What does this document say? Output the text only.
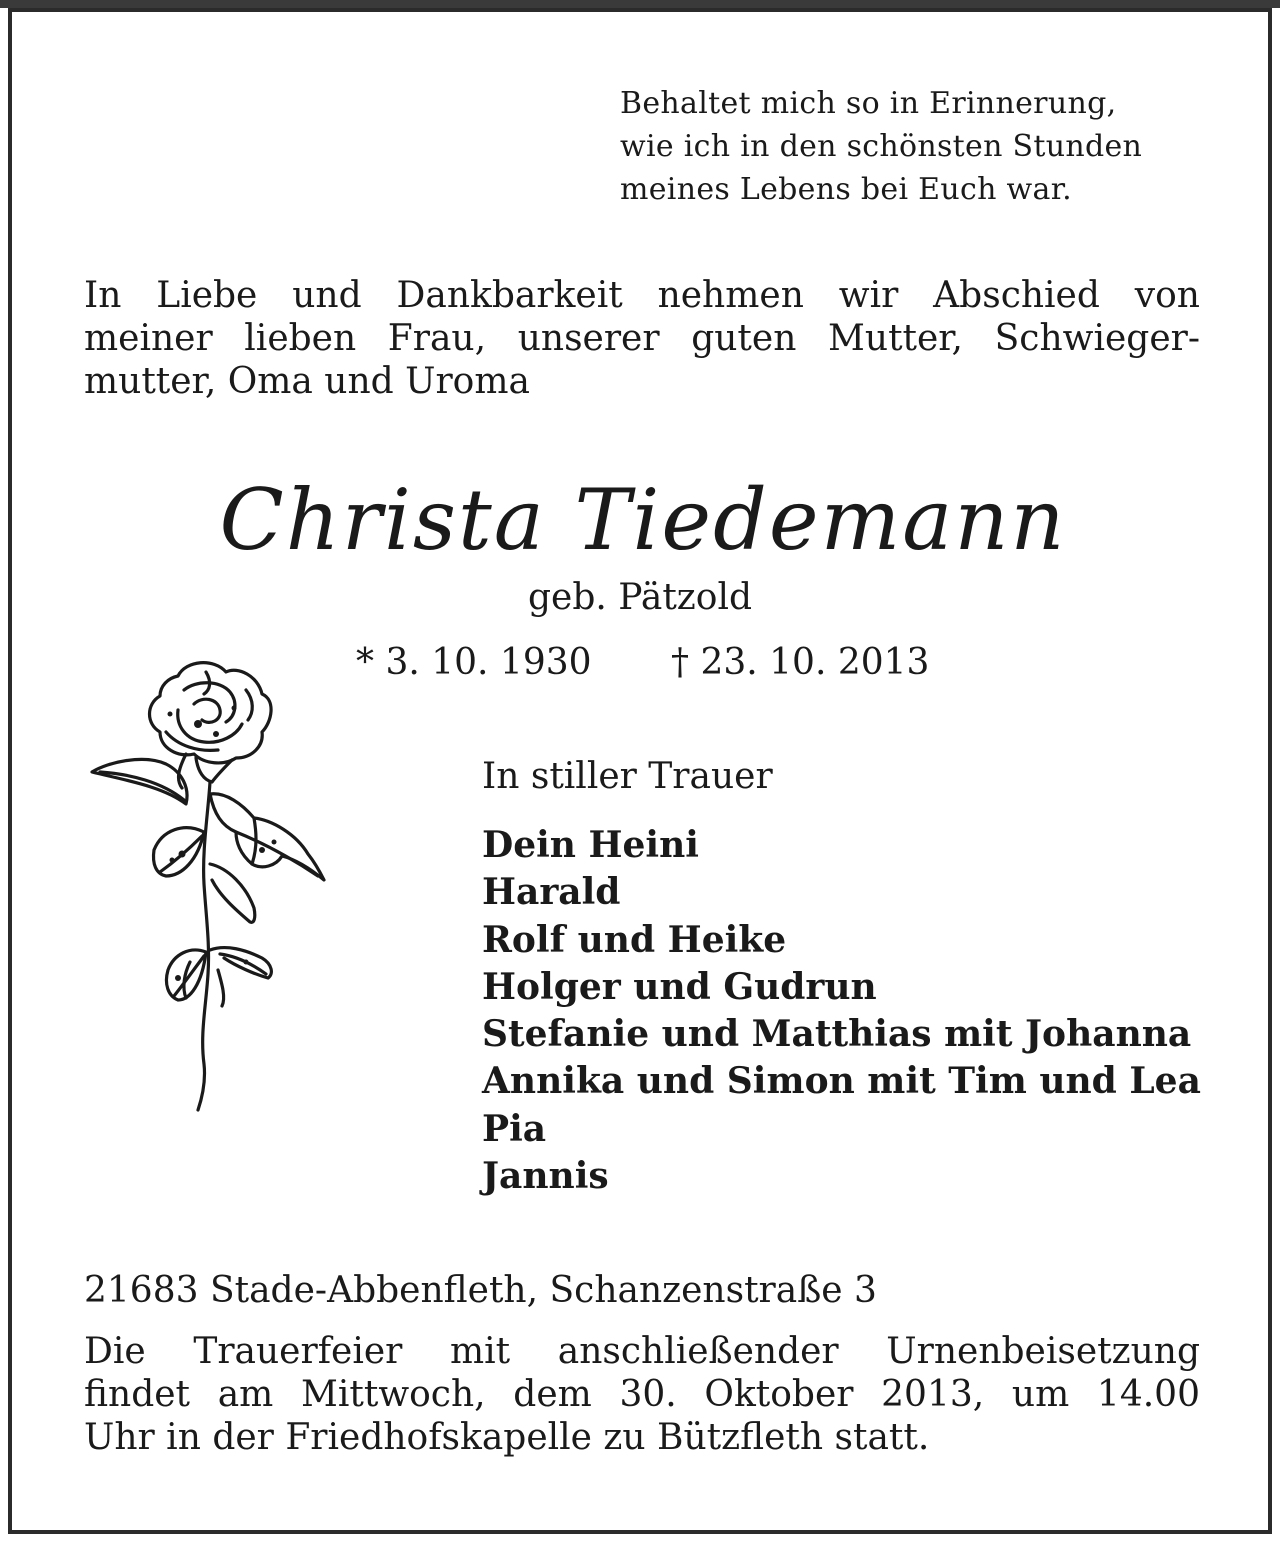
Behaltet mich so in Erinnerung,
wie ich in den schönsten Stunden
meines Lebens bei Euch war.
In Liebe und Dankbarkeit nehmen wir Abschied von
meiner lieben Frau, unserer guten Mutter, Schwieger-
mutter, Oma und Uroma
Christa Tiedemann
geb. Pätzold
* 3. 10. 1930 † 23. 10. 2013
In stiller Trauer
Dein Heini
Harald
Rolf und Heike
Holger und Gudrun
Stefanie und Matthias mit Johanna
Annika und Simon mit Tim und Lea
Pia
Jannis
21683 Stade-Abbenfleth, Schanzenstraße 3
Die Trauerfeier mit anschließender Urnenbeisetzung
findet am Mittwoch, dem 30. Oktober 2013, um 14.00
Uhr in der Friedhofskapelle zu Bützfleth statt.
